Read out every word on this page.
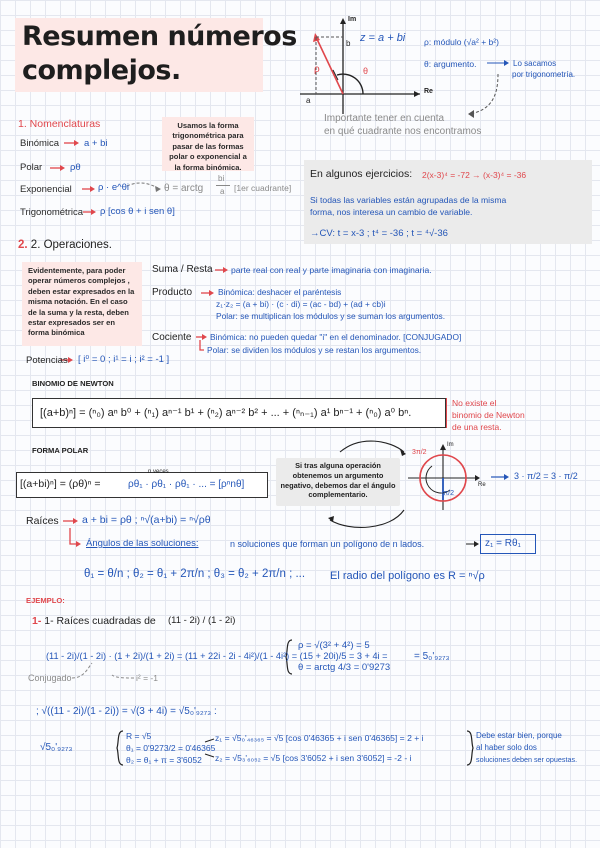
Resumen números
complejos.
Im
Re
b
a
ρ	θ
z = a + bi ρ: módulo (√a² + b²)
θ: argumento.	Lo sacamos
por trigonometría.
Importante tener en cuenta
en qué cuadrante nos encontramos
1. Nomenclaturas
Binómica	a + bi
Polar	ρθ
Exponencial	ρ · e^θi
Trigonométrica ρ [cos θ + i sen θ]
θ = arctg
bi
a [1er cuadrante]
Usamos la forma trigonométrica para pasar de las formas polar o exponencial a la forma binómica.
En algunos ejercicios: 2(x-3)⁴ = -72 → (x-3)⁴ = -36
Si todas las variables están agrupadas de la misma
forma, nos interesa un cambio de variable.
→CV: t = x-3 ; t⁴ = -36 ; t = ⁴√-36
2. 2. Operaciones.
Evidentemente, para poder operar números complejos , deben estar expresados en la misma notación. En el caso de la suma y la resta, deben estar expresados ser en forma binómica
Suma / Resta parte real con real y parte imaginaria con imaginaria.
Producto	Binómica: deshacer el paréntesis
z₁·z₂ = (a + bi) · (c · di) = (ac - bd) + (ad + cb)i
Polar: se multiplican los módulos y se suman los argumentos.
Cociente Binómica: no pueden quedar "i" en el denominador. [CONJUGADO]
Polar: se dividen los módulos y se restan los argumentos.
Potencias [ i⁰ = 0 ; i¹ = i ; i² = -1 ]
BINOMIO DE NEWTON
[(a+b)ⁿ] = (ⁿ₀) aⁿ b⁰ + (ⁿ₁) aⁿ⁻¹ b¹ + (ⁿ₂) aⁿ⁻² b² + ... + (ⁿₙ₋₁) a¹ bⁿ⁻¹ + (ⁿ₀) a⁰ bⁿ.
No existe el
binomio de Newton
de una resta.
FORMA POLAR
[(a+bi)ⁿ] = (ρθ)ⁿ =
n veces
ρθ₁ · ρθ₁ · ρθ₁ · ... = [ρⁿnθ]
Si tras alguna operación obtenemos un argumento negativo, debemos dar el ángulo complementario.
3π/2
-π/2
Re
Im
3 · π/2 = 3 · π/2
Raíces a + bi = ρθ ; ⁿ√(a+bi) = ⁿ√ρθ
Ángulos de las soluciones:	n soluciones que forman un polígono de n lados.	z₁ = Rθ₁
θ₁ = θ/n ; θ₂ = θ₁ + 2π/n ; θ₃ = θ₂ + 2π/n ; ... El radio del polígono es R = ⁿ√ρ
EJEMPLO:
1- 1- Raíces cuadradas de (11 - 2i) / (1 - 2i)
(11 - 2i)/(1 - 2i) · (1 + 2i)/(1 + 2i) = (11 + 22i - 2i - 4i²)/(1 - 4i²) = (15 + 20i)/5 = 3 + 4i =
ρ = √(3² + 4²) = 5
θ = arctg 4/3 = 0'9273
= 5₀'₉₂₇₃
Conjugado	i² = -1
; √((11 - 2i)/(1 - 2i)) = √(3 + 4i) = √5₀'₉₂₇₃ :
√5₀'₉₂₇₃
R = √5
θ₁ = 0'9273/2 = 0'46365
θ₂ = θ₁ + π = 3'6052
z₁ = √5₀'₄₆₃₆₅ = √5 [cos 0'46365 + i sen 0'46365] = 2 + i
z₂ = √5₃'₆₀₅₂ = √5 [cos 3'6052 + i sen 3'6052] = -2 - i
Debe estar bien, porque
al haber solo dos
soluciones deben ser opuestas.
